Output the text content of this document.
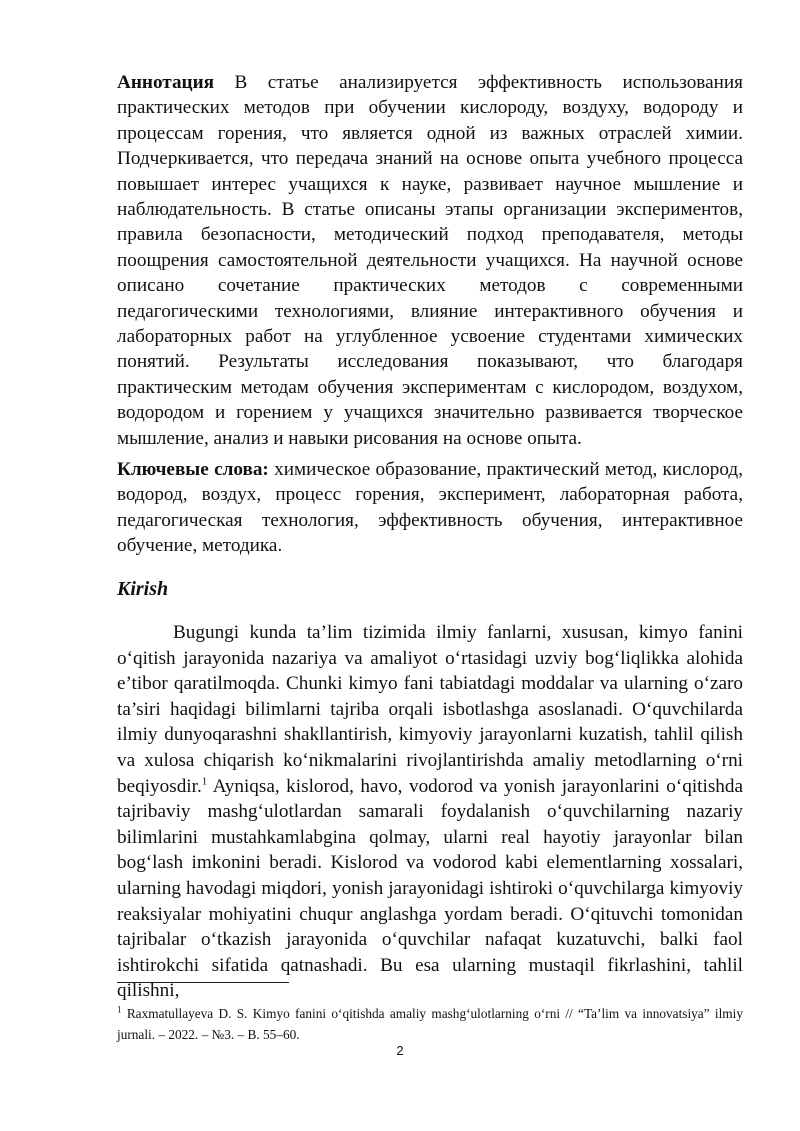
Аннотация В статье анализируется эффективность использования практических методов при обучении кислороду, воздуху, водороду и процессам горения, что является одной из важных отраслей химии. Подчеркивается, что передача знаний на основе опыта учебного процесса повышает интерес учащихся к науке, развивает научное мышление и наблюдательность. В статье описаны этапы организации экспериментов, правила безопасности, методический подход преподавателя, методы поощрения самостоятельной деятельности учащихся. На научной основе описано сочетание практических методов с современными педагогическими технологиями, влияние интерактивного обучения и лабораторных работ на углубленное усвоение студентами химических понятий. Результаты исследования показывают, что благодаря практическим методам обучения экспериментам с кислородом, воздухом, водородом и горением у учащихся значительно развивается творческое мышление, анализ и навыки рисования на основе опыта.

Ключевые слова: химическое образование, практический метод, кислород, водород, воздух, процесс горения, эксперимент, лабораторная работа, педагогическая технология, эффективность обучения, интерактивное обучение, методика.

Kirish

Bugungi kunda ta’lim tizimida ilmiy fanlarni, xususan, kimyo fanini o‘qitish jarayonida nazariya va amaliyot o‘rtasidagi uzviy bog‘liqlikka alohida e’tibor qaratilmoqda. Chunki kimyo fani tabiatdagi moddalar va ularning o‘zaro ta’siri haqidagi bilimlarni tajriba orqali isbotlashga asoslanadi. O‘quvchilarda ilmiy dunyoqarashni shakllantirish, kimyoviy jarayonlarni kuzatish, tahlil qilish va xulosa chiqarish ko‘nikmalarini rivojlantirishda amaliy metodlarning o‘rni beqiyosdir.$^1$ Ayniqsa, kislorod, havo, vodorod va yonish jarayonlarini o‘qitishda tajribaviy mashg‘ulotlardan samarali foydalanish o‘quvchilarning nazariy bilimlarini mustahkamlabgina qolmay, ularni real hayotiy jarayonlar bilan bog‘lash imkonini beradi. Kislorod va vodorod kabi elementlarning xossalari, ularning havodagi miqdori, yonish jarayonidagi ishtiroki o‘quvchilarga kimyoviy reaksiyalar mohiyatini chuqur anglashga yordam beradi. O‘qituvchi tomonidan tajribalar o‘tkazish jarayonida o‘quvchilar nafaqat kuzatuvchi, balki faol ishtirokchi sifatida qatnashadi. Bu esa ularning mustaqil fikrlashini, tahlil qilishni,

$^1$ Raxmatullayeva D. S. Kimyo fanini o‘qitishda amaliy mashg‘ulotlarning o‘rni // “Ta’lim va innovatsiya” ilmiy jurnali. – 2022. – №3. – B. 55–60.

2
